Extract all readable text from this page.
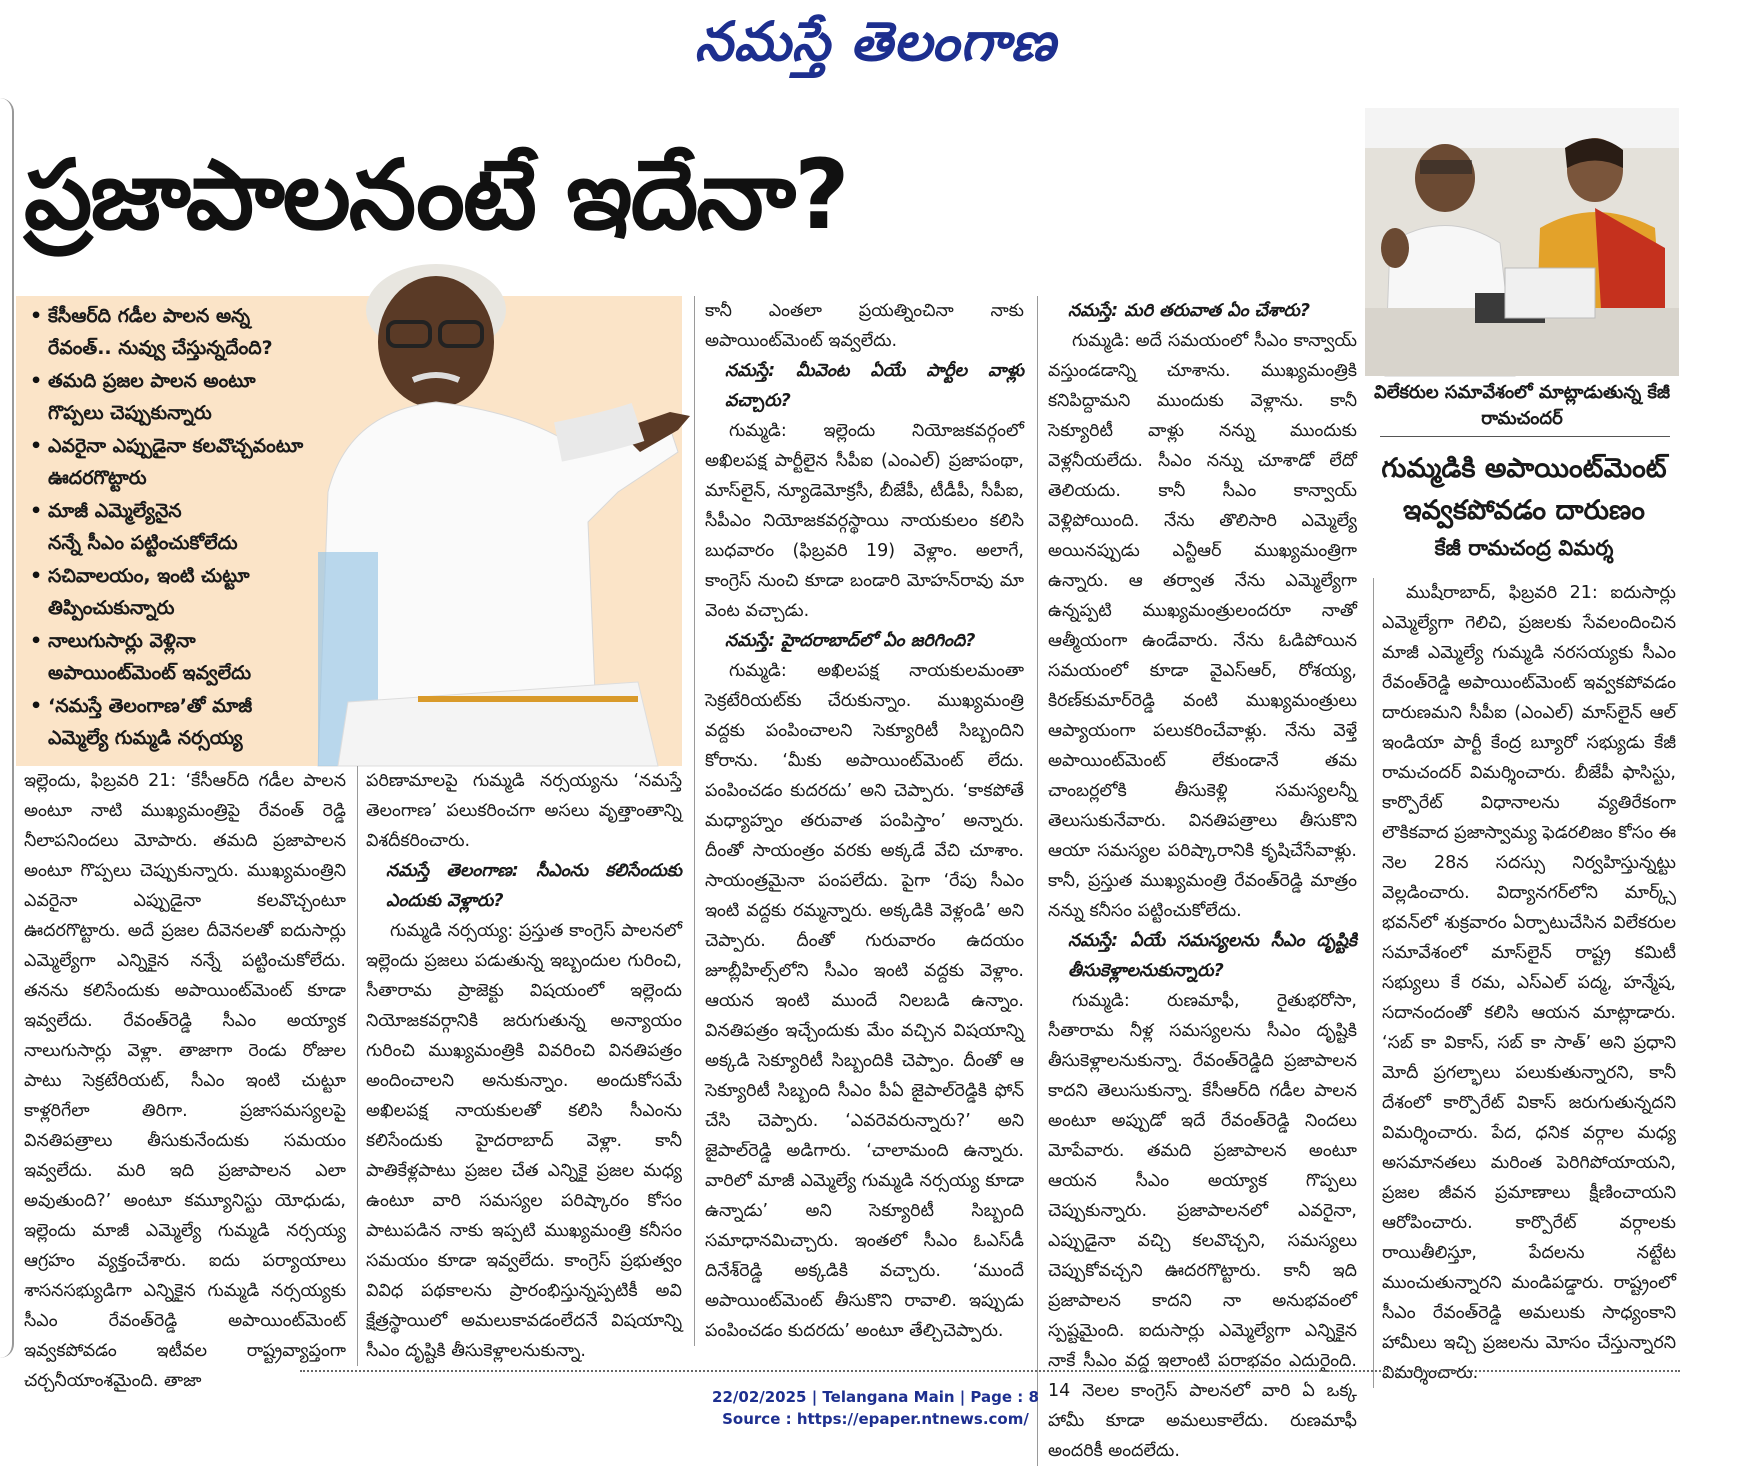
నమస్తే తెలంగాణ
ప్రజాపాలనంటే ఇదేనా?
విలేకరుల సమావేశంలో మాట్లాడుతున్న కేజీ రామచందర్‌
గుమ్మడికి అపాయింట్‌మెంట్‌ ఇవ్వకపోవడం దారుణం
కేజీ రామచంద్ర విమర్శ
• కేసీఆర్‌ది గడీల పాలన అన్న
రేవంత్‌.. నువ్వు చేస్తున్నదేంది?
• తమది ప్రజల పాలన అంటూ
గొప్పలు చెప్పుకున్నారు
• ఎవరైనా ఎప్పుడైనా కలవొచ్చవంటూ
ఊదరగొట్టారు
• మాజీ ఎమ్మెల్యేనైన
నన్నే సీఎం పట్టించుకోలేదు
• సచివాలయం, ఇంటి చుట్టూ
తిప్పించుకున్నారు
• నాలుగుసార్లు వెళ్లినా
అపాయింట్‌మెంట్‌ ఇవ్వలేదు
• ‘నమస్తే తెలంగాణ’తో మాజీ
ఎమ్మెల్యే గుమ్మడి నర్సయ్య

ఇల్లెందు, ఫిబ్రవరి 21: ‘కేసీఆర్‌ది గడీల పాలన అంటూ నాటి ముఖ్యమంత్రిపై రేవంత్‌ రెడ్డి నీలాపనిందలు మోపారు. తమది ప్రజాపాలన అంటూ గొప్పలు చెప్పుకున్నారు. ముఖ్యమంత్రిని ఎవరైనా ఎప్పుడైనా కలవొచ్చంటూ ఊదరగొట్టారు. అదే ప్రజల దీవెనలతో ఐదుసార్లు ఎమ్మెల్యేగా ఎన్నికైన నన్నే పట్టించుకోలేదు. తనను కలిసేందుకు అపాయింట్‌మెంట్‌ కూడా ఇవ్వలేదు. రేవంత్‌రెడ్డి సీఎం అయ్యాక నాలుగుసార్లు వెళ్లా. తాజాగా రెండు రోజుల పాటు సెక్రటేరియట్‌, సీఎం ఇంటి చుట్టూ కాళ్లరిగేలా తిరిగా. ప్రజాసమస్యలపై వినతిపత్రాలు తీసుకునేందుకు సమయం ఇవ్వలేదు. మరి ఇది ప్రజాపాలన ఎలా అవుతుంది?’ అంటూ కమ్యూనిస్టు యోధుడు, ఇల్లెందు మాజీ ఎమ్మెల్యే గుమ్మడి నర్సయ్య ఆగ్రహం వ్యక్తంచేశారు. ఐదు పర్యాయాలు శాసనసభ్యుడిగా ఎన్నికైన గుమ్మడి నర్సయ్యకు సీఎం రేవంత్‌రెడ్డి అపాయింట్‌మెంట్‌ ఇవ్వకపోవడం ఇటీవల రాష్ట్రవ్యాప్తంగా చర్చనీయాంశమైంది. తాజా

పరిణామాలపై గుమ్మడి నర్సయ్యను ‘నమస్తే తెలంగాణ’ పలుకరించగా అసలు వృత్తాంతాన్ని విశదీకరించారు.

నమస్తే తెలంగాణ: సీఎంను కలిసేందుకు ఎందుకు వెళ్లారు?

గుమ్మడి నర్సయ్య: ప్రస్తుత కాంగ్రెస్‌ పాలనలో ఇల్లెందు ప్రజలు పడుతున్న ఇబ్బందుల గురించి, సీతారామ ప్రాజెక్టు విషయంలో ఇల్లెందు నియోజకవర్గానికి జరుగుతున్న అన్యాయం గురించి ముఖ్యమంత్రికి వివరించి వినతిపత్రం అందించాలని అనుకున్నాం. అందుకోసమే అఖిలపక్ష నాయకులతో కలిసి సీఎంను కలిసేందుకు హైదరాబాద్‌ వెళ్లా. కానీ పాతికేళ్లపాటు ప్రజల చేత ఎన్నికై ప్రజల మధ్య ఉంటూ వారి సమస్యల పరిష్కారం కోసం పాటుపడిన నాకు ఇప్పటి ముఖ్యమంత్రి కనీసం సమయం కూడా ఇవ్వలేదు. కాంగ్రెస్‌ ప్రభుత్వం వివిధ పథకాలను ప్రారంభిస్తున్నప్పటికీ అవి క్షేత్రస్థాయిలో అమలుకావడంలేదనే విషయాన్ని సీఎం దృష్టికి తీసుకెళ్లాలనుకున్నా.

కానీ ఎంతలా ప్రయత్నించినా నాకు అపాయింట్‌మెంట్‌ ఇవ్వలేదు.

నమస్తే: మీవెంట ఏయే పార్టీల వాళ్లు వచ్చారు?

గుమ్మడి: ఇల్లెందు నియోజకవర్గంలో అఖిలపక్ష పార్టీలైన సీపీఐ (ఎంఎల్‌) ప్రజాపంథా, మాస్‌లైన్‌, న్యూడెమోక్రసీ, బీజేపీ, టీడీపీ, సీపీఐ, సీపీఎం నియోజకవర్గస్థాయి నాయకులం కలిసి బుధవారం (ఫిబ్రవరి 19) వెళ్లాం. అలాగే, కాంగ్రెస్‌ నుంచి కూడా బండారి మోహన్‌రావు మా వెంట వచ్చాడు.

నమస్తే: హైదరాబాద్‌లో ఏం జరిగింది?

గుమ్మడి: అఖిలపక్ష నాయకులమంతా సెక్రటేరియట్‌కు చేరుకున్నాం. ముఖ్యమంత్రి వద్దకు పంపించాలని సెక్యూరిటీ సిబ్బందిని కోరాను. ‘మీకు అపాయింట్‌మెంట్‌ లేదు. పంపించడం కుదరదు’ అని చెప్పారు. ‘కాకపోతే మధ్యాహ్నం తరువాత పంపిస్తాం’ అన్నారు. దీంతో సాయంత్రం వరకు అక్కడే వేచి చూశాం. సాయంత్రమైనా పంపలేదు. పైగా ‘రేపు సీఎం ఇంటి వద్దకు రమ్మన్నారు. అక్కడికి వెళ్లండి’ అని చెప్పారు. దీంతో గురువారం ఉదయం జూబ్లీహిల్స్‌లోని సీఎం ఇంటి వద్దకు వెళ్లాం. ఆయన ఇంటి ముందే నిలబడి ఉన్నాం. వినతిపత్రం ఇచ్చేందుకు మేం వచ్చిన విషయాన్ని అక్కడి సెక్యూరిటీ సిబ్బందికి చెప్పాం. దీంతో ఆ సెక్యూరిటీ సిబ్బంది సీఎం పీఏ జైపాల్‌రెడ్డికి ఫోన్‌ చేసి చెప్పారు. ‘ఎవరెవరున్నారు?’ అని జైపాల్‌రెడ్డి అడిగారు. ‘చాలామంది ఉన్నారు. వారిలో మాజీ ఎమ్మెల్యే గుమ్మడి నర్సయ్య కూడా ఉన్నాడు’ అని సెక్యూరిటీ సిబ్బంది సమాధానమిచ్చారు. ఇంతలో సీఎం ఓఎస్‌డీ దినేశ్‌రెడ్డి అక్కడికి వచ్చారు. ‘ముందే అపాయింట్‌మెంట్‌ తీసుకొని రావాలి. ఇప్పుడు పంపించడం కుదరదు’ అంటూ తేల్చిచెప్పారు.

నమస్తే: మరి తరువాత ఏం చేశారు?

గుమ్మడి: అదే సమయంలో సీఎం కాన్వాయ్‌ వస్తుండడాన్ని చూశాను. ముఖ్యమంత్రికి కనిపిద్దామని ముందుకు వెళ్లాను. కానీ సెక్యూరిటీ వాళ్లు నన్ను ముందుకు వెళ్లనీయలేదు. సీఎం నన్ను చూశాడో లేదో తెలియదు. కానీ సీఎం కాన్వాయ్‌ వెళ్లిపోయింది. నేను తొలిసారి ఎమ్మెల్యే అయినప్పుడు ఎన్టీఆర్‌ ముఖ్యమంత్రిగా ఉన్నారు. ఆ తర్వాత నేను ఎమ్మెల్యేగా ఉన్నప్పటి ముఖ్యమంత్రులందరూ నాతో ఆత్మీయంగా ఉండేవారు. నేను ఓడిపోయిన సమయంలో కూడా వైఎస్‌ఆర్‌, రోశయ్య, కిరణ్‌కుమార్‌రెడ్డి వంటి ముఖ్యమంత్రులు ఆప్యాయంగా పలుకరించేవాళ్లు. నేను వెళ్తే అపాయింట్‌మెంట్‌ లేకుండానే తమ చాంబర్లలోకి తీసుకెళ్లి సమస్యలన్నీ తెలుసుకునేవారు. వినతిపత్రాలు తీసుకొని ఆయా సమస్యల పరిష్కారానికి కృషిచేసేవాళ్లు. కానీ, ప్రస్తుత ముఖ్యమంత్రి రేవంత్‌రెడ్డి మాత్రం నన్ను కనీసం పట్టించుకోలేదు.

నమస్తే: ఏయే సమస్యలను సీఎం దృష్టికి తీసుకెళ్లాలనుకున్నారు?

గుమ్మడి: రుణమాఫీ, రైతుభరోసా, సీతారామ నీళ్ల సమస్యలను సీఎం దృష్టికి తీసుకెళ్లాలనుకున్నా. రేవంత్‌రెడ్డిది ప్రజాపాలన కాదని తెలుసుకున్నా. కేసీఆర్‌ది గడీల పాలన అంటూ అప్పుడో ఇదే రేవంత్‌రెడ్డి నిందలు మోపేవారు. తమది ప్రజాపాలన అంటూ ఆయన సీఎం అయ్యాక గొప్పలు చెప్పుకున్నారు. ప్రజాపాలనలో ఎవరైనా, ఎప్పుడైనా వచ్చి కలవొచ్చని, సమస్యలు చెప్పుకోవచ్చని ఊదరగొట్టారు. కానీ ఇది ప్రజాపాలన కాదని నా అనుభవంలో స్పష్టమైంది. ఐదుసార్లు ఎమ్మెల్యేగా ఎన్నికైన నాకే సీఎం వద్ద ఇలాంటి పరాభవం ఎదురైంది. 14 నెలల కాంగ్రెస్‌ పాలనలో వారి ఏ ఒక్క హామీ కూడా అమలుకాలేదు. రుణమాఫీ అందరికీ అందలేదు.

ముషీరాబాద్‌, ఫిబ్రవరి 21: ఐదుసార్లు ఎమ్మెల్యేగా గెలిచి, ప్రజలకు సేవలందించిన మాజీ ఎమ్మెల్యే గుమ్మడి నరసయ్యకు సీఎం రేవంత్‌రెడ్డి అపాయింట్‌మెంట్‌ ఇవ్వకపోవడం దారుణమని సీపీఐ (ఎంఎల్‌) మాస్‌లైన్‌ ఆల్‌ ఇండియా పార్టీ కేంద్ర బ్యూరో సభ్యుడు కేజీ రామచందర్‌ విమర్శించారు. బీజేపీ ఫాసిస్టు, కార్పొరేట్‌ విధానాలను వ్యతిరేకంగా లౌకికవాద ప్రజాస్వామ్య ఫెడరలిజం కోసం ఈ నెల 28న సదస్సు నిర్వహిస్తున్నట్టు వెల్లడించారు. విద్యానగర్‌లోని మార్క్స్‌ భవన్‌లో శుక్రవారం ఏర్పాటుచేసిన విలేకరుల సమావేశంలో మాస్‌లైన్‌ రాష్ట్ర కమిటీ సభ్యులు కే రమ, ఎస్‌ఎల్‌ పద్మ, హన్మేష, సదానందంతో కలిసి ఆయన మాట్లాడారు. ‘సబ్‌ కా వికాస్‌, సబ్‌ కా సాత్‌’ అని ప్రధాని మోదీ ప్రగల్భాలు పలుకుతున్నారని, కానీ దేశంలో కార్పొరేట్‌ వికాస్‌ జరుగుతున్నదని విమర్శించారు. పేద, ధనిక వర్గాల మధ్య అసమానతలు మరింత పెరిగిపోయాయని, ప్రజల జీవన ప్రమాణాలు క్షీణించాయని ఆరోపించారు. కార్పొరేట్‌ వర్గాలకు రాయితీలిస్తూ, పేదలను నట్టేట ముంచుతున్నారని మండిపడ్డారు. రాష్ట్రంలో సీఎం రేవంత్‌రెడ్డి అమలుకు సాధ్యంకాని హామీలు ఇచ్చి ప్రజలను మోసం చేస్తున్నారని విమర్శించారు.

22/02/2025 | Telangana Main | Page : 8
Source : https://epaper.ntnews.com/
